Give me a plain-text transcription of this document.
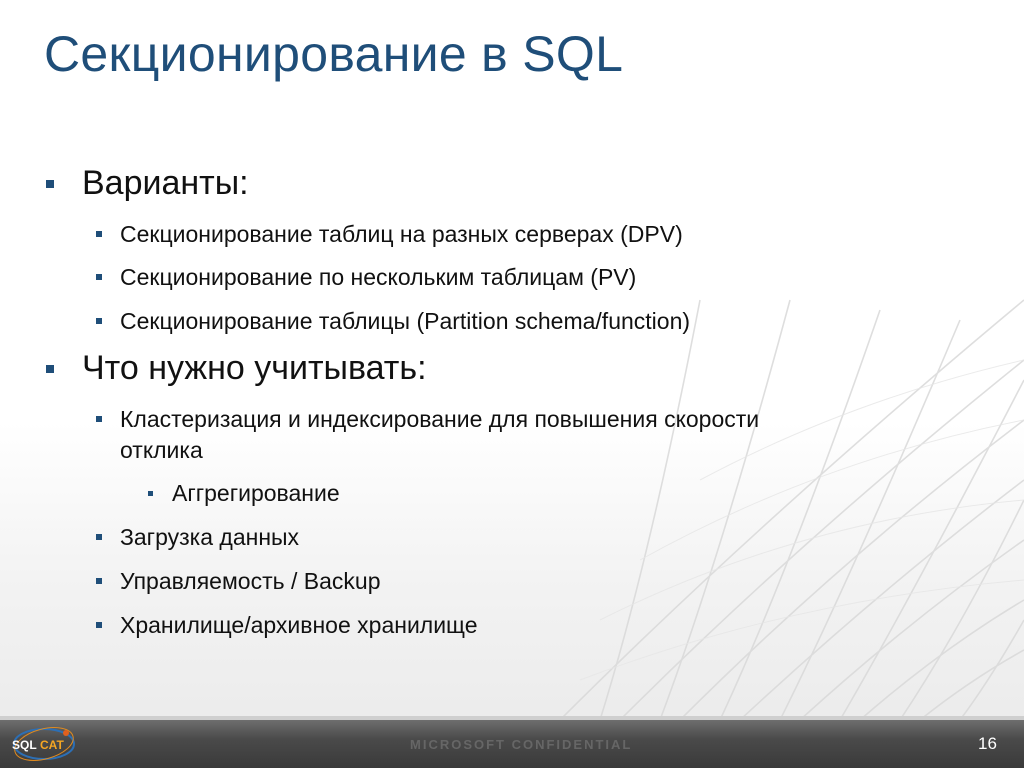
Секционирование в SQL
Варианты:
Секционирование таблиц на разных серверах (DPV)
Секционирование по нескольким таблицам (PV)
Секционирование таблицы (Partition schema/function)
Что нужно учитывать:
Кластеризация и индексирование для повышения скорости
отклика
Аггрегирование
Загрузка данных
Управляемость / Backup
Хранилище/архивное хранилище
SQL CAT	MICROSOFT CONFIDENTIAL	16
